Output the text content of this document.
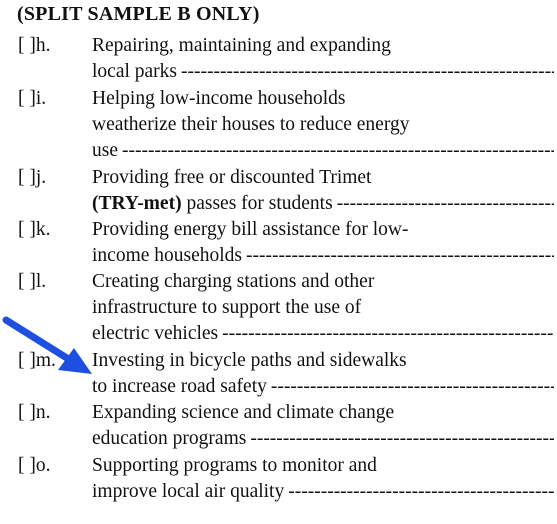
(SPLIT SAMPLE B ONLY)
[ ]h. Repairing, maintaining and expanding
local parks
-----
[ ]i. Helping low-income households
weatherize their houses to reduce energy
use
-----
[ ]j. Providing free or discounted Trimet
(TRY-met)
passes for students
-----
[ ]k. Providing energy bill assistance for low-
income households
-----
[ ]l. Creating charging stations and other
infrastructure to support the use of
electric vehicles
-----
[ ]m. Investing in bicycle paths and sidewalks
to increase road safety
-----
[ ]n. Expanding science and climate change
education programs
-----
[ ]o. Supporting programs to monitor and
improve local air quality
-----
